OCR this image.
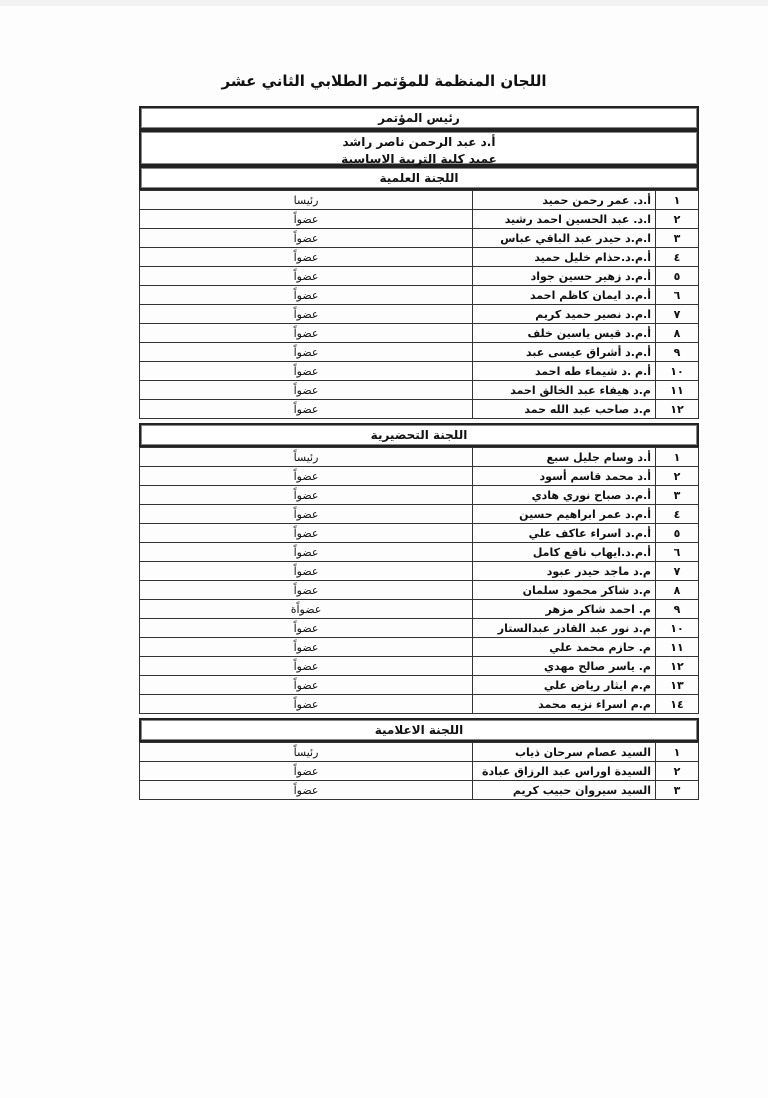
اللجان المنظمة للمؤتمر الطلابي الثاني عشر
رئيس المؤتمر
أ.د عبد الرحمن ناصر راشد
عميد كلية التربية الاساسية
اللجنة العلمية
١	أ.د. عمر رحمن حميد	رئيسا
٢	ا.د. عبد الحسين احمد رشيد	عضواً
٣	ا.م.د حيدر عبد الباقي عباس	عضواً
٤	أ.م.د.حذام خليل حميد	عضواً
٥	أ.م.د زهير حسين جواد	عضواً
٦	أ.م.د ايمان كاظم احمد	عضواً
٧	ا.م.د نصير حميد كريم	عضواً
٨	أ.م.د قيس ياسين خلف	عضواً
٩	أ.م.د أشراق عيسى عبد	عضواً
١٠	أ.م .د شيماء طه احمد	عضواً
١١	م.د هيفاء عبد الخالق احمد	عضواً
١٢	م.د صاحب عبد الله حمد	عضواً
اللجنة التحضيرية
١	أ.د وسام جليل سبع	رئيساً
٢	أ.د محمد قاسم أسود	عضواً
٣	أ.م.د صباح نوري هادي	عضواً
٤	أ.م.د عمر ابراهيم حسين	عضواً
٥	أ.م.د اسراء عاكف علي	عضواً
٦	أ.م.د.ايهاب نافع كامل	عضواً
٧	م.د ماجد حيدر عبود	عضواً
٨	م.د شاكر محمود سلمان	عضواً
٩	م. احمد شاكر مزهر	عضواًة
١٠	م.د نور عبد القادر عبدالستار	عضواً
١١	م. حازم محمد علي	عضواً
١٢	م. ياسر صالح مهدي	عضواً
١٣	م.م ايثار رياض علي	عضواً
١٤	م.م اسراء نزيه محمد	عضواً
اللجنة الاعلامية
١	السيد عصام سرحان ذياب	رئيساً
٢	السيدة اوراس عبد الرزاق عبادة	عضواً
٣	السيد سيروان حبيب كريم	عضواً
